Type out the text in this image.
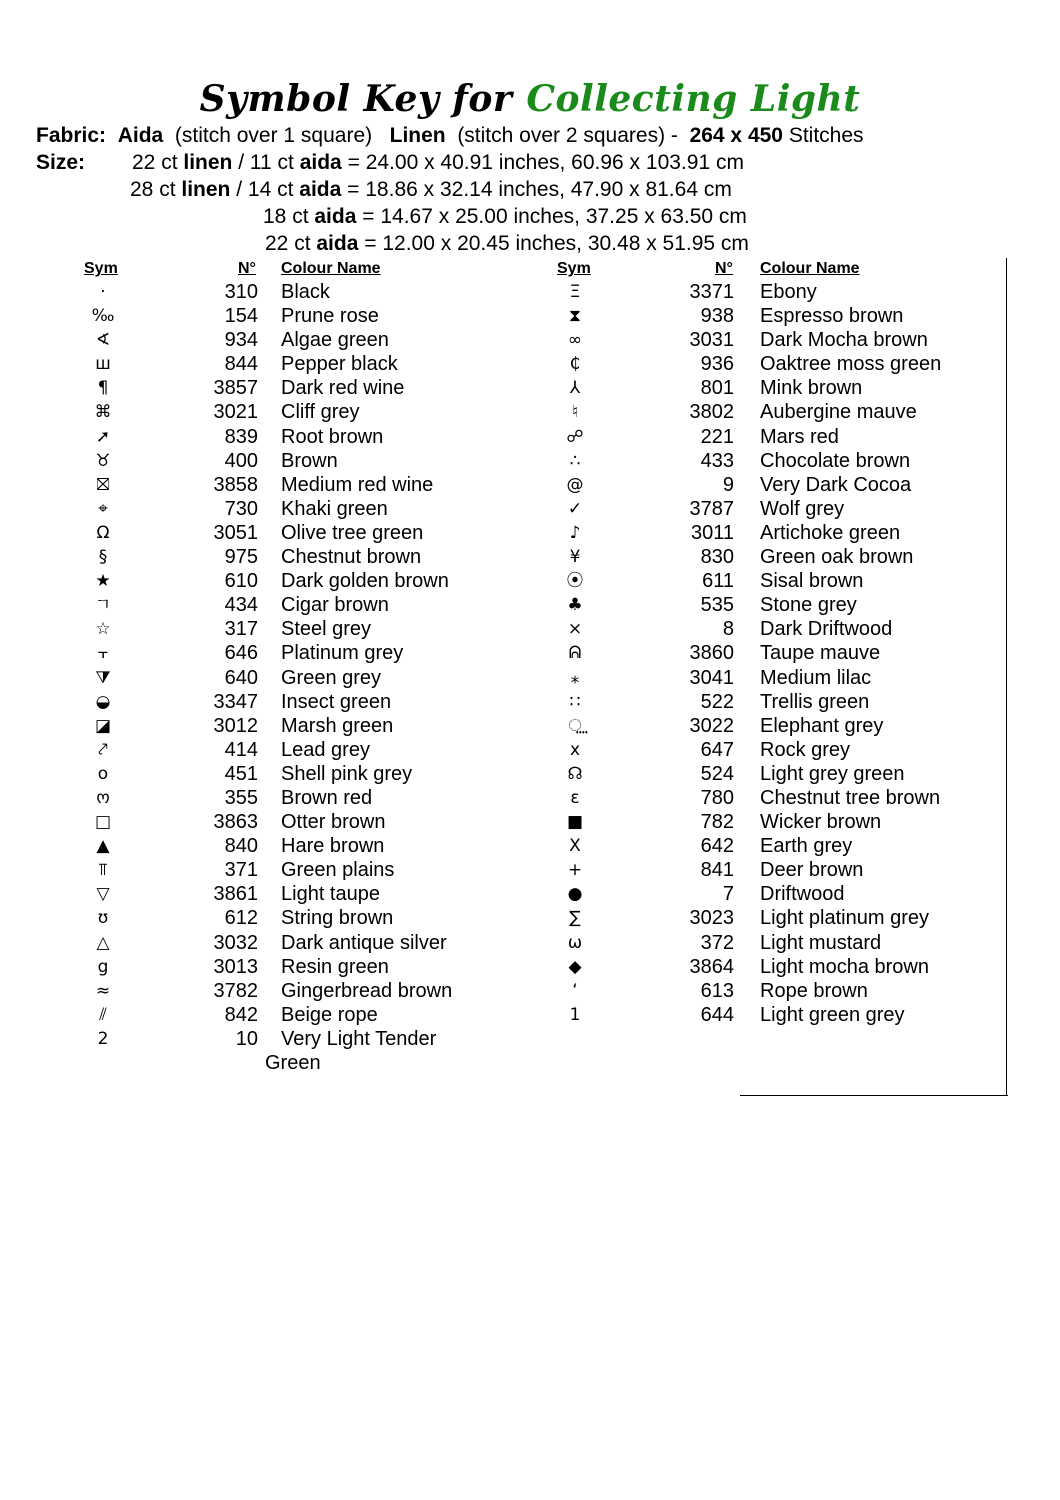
Symbol Key for Collecting Light
Fabric: Aida (stitch over 1 square) Linen (stitch over 2 squares) - 264 x 450 Stitches
Size: 22 ct linen / 11 ct aida = 24.00 x 40.91 inches, 60.96 x 103.91 cm
28 ct linen / 14 ct aida = 18.86 x 32.14 inches, 47.90 x 81.64 cm
18 ct aida = 14.67 x 25.00 inches, 37.25 x 63.50 cm
22 ct aida = 12.00 x 20.45 inches, 30.48 x 51.95 cm
Sym	N° Colour Name	Sym	N° Colour Name
·	310 Black
‰	154 Prune rose
∢	934 Algae green
ш	844 Pepper black
¶	3857 Dark red wine
⌘	3021 Cliff grey
➚	839 Root brown
♉	400 Brown
⛝	3858 Medium red wine
⌖	730 Khaki green
Ω	3051 Olive tree green
§	975 Chestnut brown
★	610 Dark golden brown
ㄱ	434 Cigar brown
☆	317 Steel grey
⫟	646 Platinum grey
⧩	640 Green grey
◒	3347 Insect green
◪	3012 Marsh green
⤤	414 Lead grey
o	451 Shell pink grey
ო	355 Brown red
□	3863 Otter brown
▲	840 Hare brown
⫪	371 Green plains
▽	3861 Light taupe
ʊ	612 String brown
△	3032 Dark antique silver
g	3013 Resin green
≈	3782 Gingerbread brown
⫽	842 Beige rope
2	10 Very Light Tender
Green
Ξ	3371 Ebony
⧗	938 Espresso brown
∞	3031 Dark Mocha brown
₵	936 Oaktree moss green
⅄	801 Mink brown
♮	3802 Aubergine mauve
☍	221 Mars red
∴	433 Chocolate brown
@	9 Very Dark Cocoa
✓	3787 Wolf grey
♪	3011 Artichoke green
¥	830 Green oak brown
⦿	611 Sisal brown
♣	535 Stone grey
⨯	8 Dark Driftwood
ᕱ	3860 Taupe mauve
⁎	3041 Medium lilac
∷	522 Trellis green
⵿	3022 Elephant grey
x	647 Rock grey
☊	524 Light grey green
ɛ	780 Chestnut tree brown
■	782 Wicker brown
X	642 Earth grey
+	841 Deer brown
●	7 Driftwood
∑	3023 Light platinum grey
ω	372 Light mustard
◆	3864 Light mocha brown
ʻ	613 Rope brown
1	644 Light green grey
